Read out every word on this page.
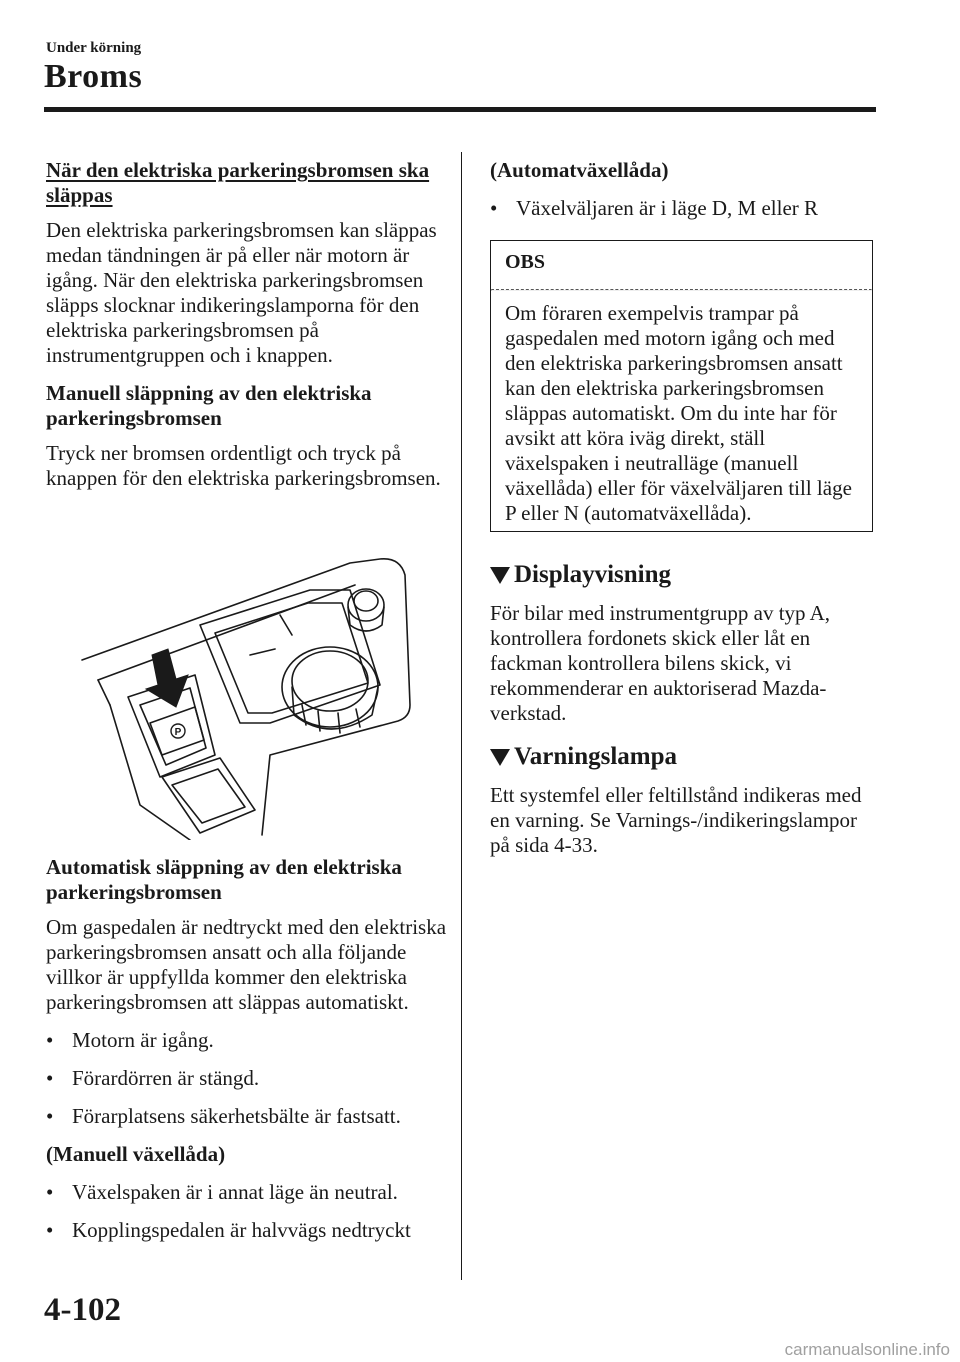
Under körning
Broms

När den elektriska parkeringsbromsen ska släppas

Den elektriska parkeringsbromsen kan släppas medan tändningen är på eller när motorn är igång. När den elektriska parkeringsbromsen släpps slocknar indikeringslamporna för den elektriska parkeringsbromsen på instrumentgruppen och i knappen.

Manuell släppning av den elektriska parkeringsbromsen

Tryck ner bromsen ordentligt och tryck på knappen för den elektriska parkeringsbromsen.

P

Automatisk släppning av den elektriska parkeringsbromsen

Om gaspedalen är nedtryckt med den elektriska parkeringsbromsen ansatt och alla följande villkor är uppfyllda kommer den elektriska parkeringsbromsen att släppas automatiskt.

• Motorn är igång.
• Förardörren är stängd.
• Förarplatsens säkerhetsbälte är fastsatt.

(Manuell växellåda)

• Växelspaken är i annat läge än neutral.
• Kopplingspedalen är halvvägs nedtryckt

(Automatväxellåda)

• Växelväljaren är i läge D, M eller R
OBS

Om föraren exempelvis trampar på gaspedalen med motorn igång och med den elektriska parkeringsbromsen ansatt kan den elektriska parkeringsbromsen släppas automatiskt. Om du inte har för avsikt att köra iväg direkt, ställ växelspaken i neutralläge (manuell växellåda) eller för växelväljaren till läge P eller N (automatväxellåda).

Displayvisning

För bilar med instrumentgrupp av typ A, kontrollera fordonets skick eller låt en fackman kontrollera bilens skick, vi rekommenderar en auktoriserad Mazda-verkstad.

Varningslampa

Ett systemfel eller feltillstånd indikeras med en varning. Se Varnings-/indikeringslampor på sida 4-33.

4-102
carmanualsonline.info
